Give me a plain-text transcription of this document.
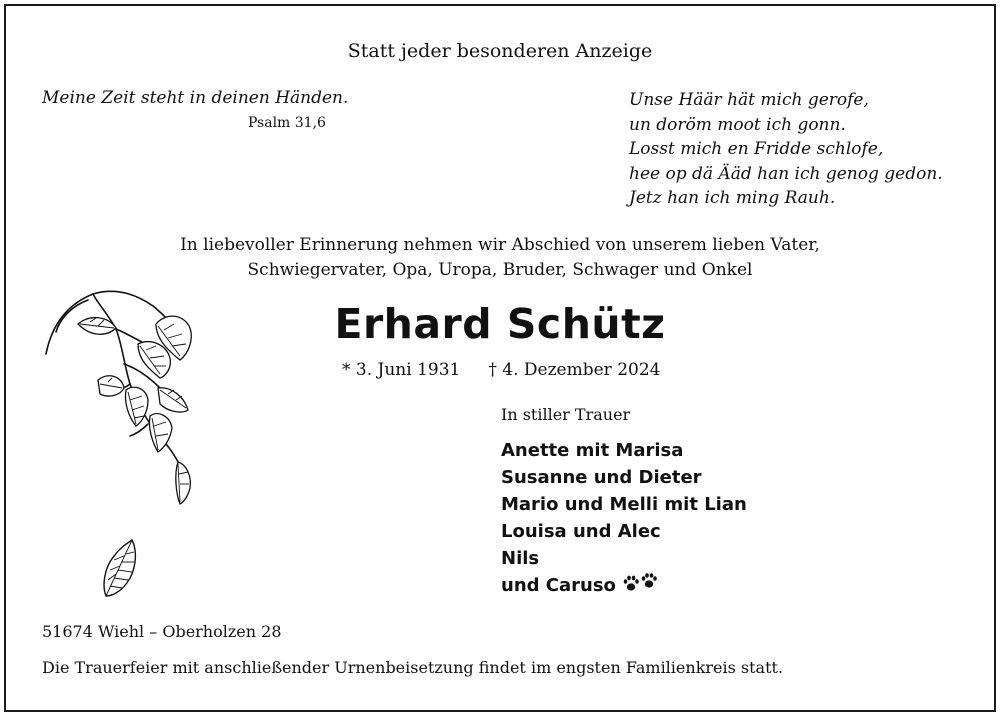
Statt jeder besonderen Anzeige
Meine Zeit steht in deinen Händen.
Psalm 31,6
Unse Häär hät mich gerofe,
un doröm moot ich gonn.
Losst mich en Fridde schlofe,
hee op dä Ääd han ich genog gedon.
Jetz han ich ming Rauh.
In liebevoller Erinnerung nehmen wir Abschied von unserem lieben Vater,
Schwiegervater, Opa, Uropa, Bruder, Schwager und Onkel
Erhard Schütz
* 3. Juni 1931 † 4. Dezember 2024
In stiller Trauer
Anette mit Marisa
Susanne und Dieter
Mario und Melli mit Lian
Louisa und Alec
Nils
und Caruso
51674 Wiehl – Oberholzen 28
Die Trauerfeier mit anschließender Urnenbeisetzung findet im engsten Familienkreis statt.
